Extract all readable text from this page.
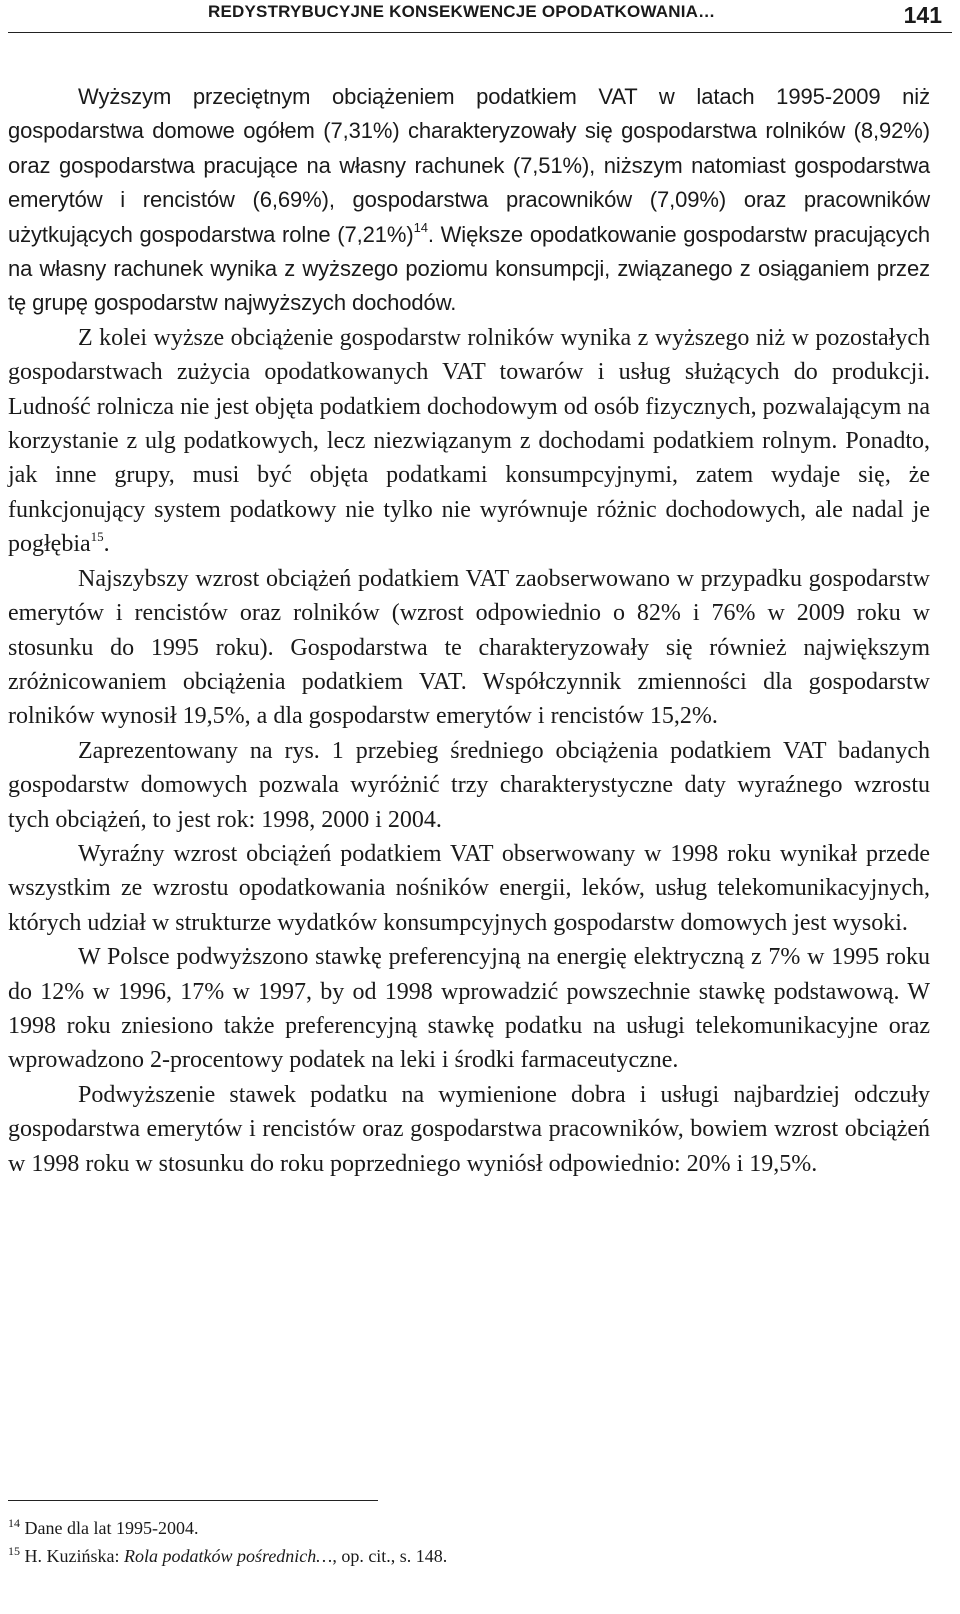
REDYSTRYBUCYJNE KONSEKWENCJE OPODATKOWANIA…	141

Wyższym przeciętnym obciążeniem podatkiem VAT w latach 1995-2009 niż gospodarstwa domowe ogółem (7,31%) charakteryzowały się gospodarstwa rolników (8,92%) oraz gospodarstwa pracujące na własny rachunek (7,51%), niższym natomiast gospodarstwa emerytów i rencistów (6,69%), gospodarstwa pracowników (7,09%) oraz pracowników użytkujących gospodarstwa rolne $(7,21\%)^{14}$. Większe opodatkowanie gospodarstw pracujących na własny rachunek wynika z wyższego poziomu konsumpcji, związanego z osiąganiem przez tę grupę gospodarstw najwyższych dochodów.

Z kolei wyższe obciążenie gospodarstw rolników wynika z wyższego niż w pozostałych gospodarstwach zużycia opodatkowanych VAT towarów i usług służących do produkcji. Ludność rolnicza nie jest objęta podatkiem dochodowym od osób fizycznych, pozwalającym na korzystanie z ulg podatkowych, lecz niezwiązanym z dochodami podatkiem rolnym. Ponadto, jak inne grupy, musi być objęta podatkami konsumpcyjnymi, zatem wydaje się, że funkcjonujący system podatkowy nie tylko nie wyrównuje różnic dochodowych, ale nadal je pogłębia$^{15}$.

Najszybszy wzrost obciążeń podatkiem VAT zaobserwowano w przypadku gospodarstw emerytów i rencistów oraz rolników (wzrost odpowiednio o 82% i 76% w 2009 roku w stosunku do 1995 roku). Gospodarstwa te charakteryzowały się również największym zróżnicowaniem obciążenia podatkiem VAT. Współczynnik zmienności dla gospodarstw rolników wynosił 19,5%, a dla gospodarstw emerytów i rencistów 15,2%.

Zaprezentowany na rys. 1 przebieg średniego obciążenia podatkiem VAT badanych gospodarstw domowych pozwala wyróżnić trzy charakterystyczne daty wyraźnego wzrostu tych obciążeń, to jest rok: 1998, 2000 i 2004.

Wyraźny wzrost obciążeń podatkiem VAT obserwowany w 1998 roku wynikał przede wszystkim ze wzrostu opodatkowania nośników energii, leków, usług telekomunikacyjnych, których udział w strukturze wydatków konsumpcyjnych gospodarstw domowych jest wysoki.

W Polsce podwyższono stawkę preferencyjną na energię elektryczną z 7% w 1995 roku do 12% w 1996, 17% w 1997, by od 1998 wprowadzić powszechnie stawkę podstawową. W 1998 roku zniesiono także preferencyjną stawkę podatku na usługi telekomunikacyjne oraz wprowadzono 2-procentowy podatek na leki i środki farmaceutyczne.

Podwyższenie stawek podatku na wymienione dobra i usługi najbardziej odczuły gospodarstwa emerytów i rencistów oraz gospodarstwa pracowników, bowiem wzrost obciążeń w 1998 roku w stosunku do roku poprzedniego wyniósł odpowiednio: 20% i 19,5%.

$^{14}$ Dane dla lat 1995-2004.
$^{15}$ H. Kuzińska: Rola podatków pośrednich…, op. cit., s. 148.
